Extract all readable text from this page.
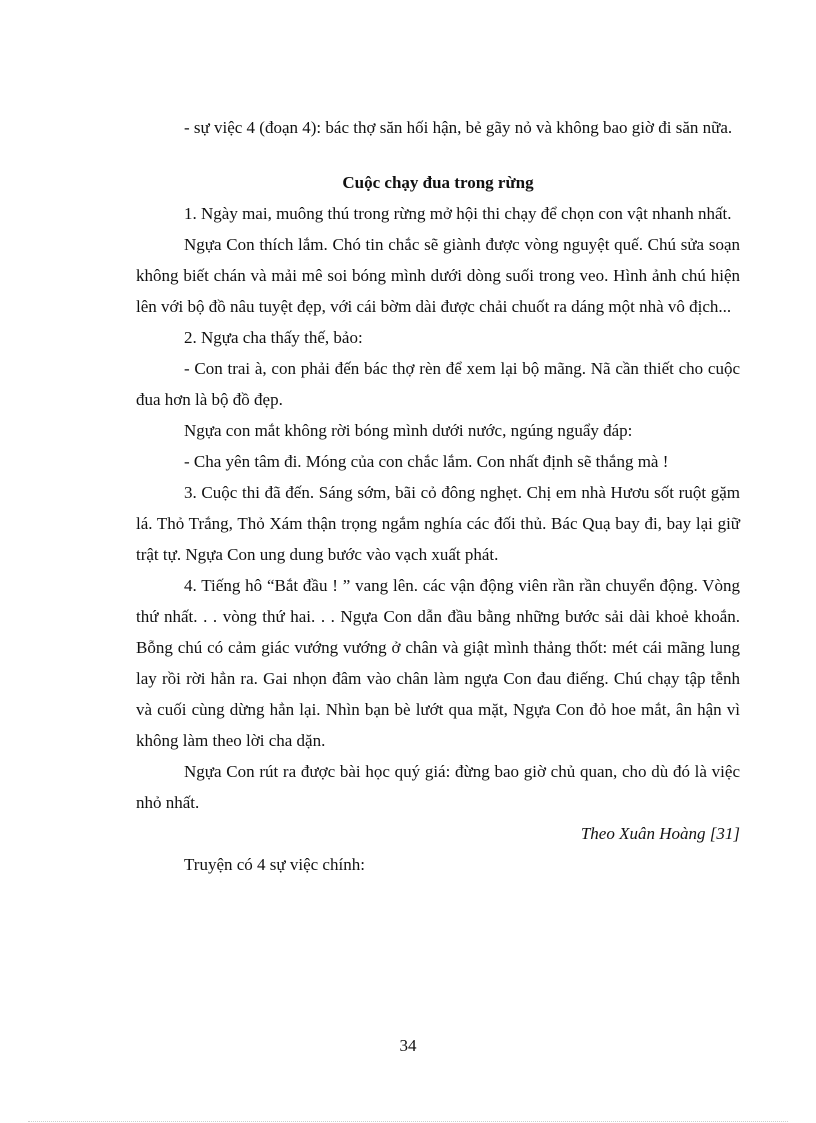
- sự việc 4 (đoạn 4): bác thợ săn hối hận, bẻ gãy nỏ và không bao giờ đi săn nữa.

Cuộc chạy đua trong rừng

1. Ngày mai, muông thú trong rừng mở hội thi chạy để chọn con vật nhanh nhất.

Ngựa Con thích lắm. Chó tin chắc sẽ giành được vòng nguyệt quế. Chú sửa soạn không biết chán và mải mê soi bóng mình dưới dòng suối trong veo. Hình ảnh chú hiện lên với bộ đồ nâu tuyệt đẹp, với cái bờm dài được chải chuốt ra dáng một nhà vô địch...

2. Ngựa cha thấy thế, bảo:

- Con trai à, con phải đến bác thợ rèn để xem lại bộ mãng. Nã cần thiết cho cuộc đua hơn là bộ đồ đẹp.

Ngựa con mắt không rời bóng mình dưới nước, ngúng nguẩy đáp:

- Cha yên tâm đi. Móng của con chắc lắm. Con nhất định sẽ thắng mà !

3. Cuộc thi đã đến. Sáng sớm, bãi cỏ đông nghẹt. Chị em nhà Hươu sốt ruột gặm lá. Thỏ Trắng, Thỏ Xám thận trọng ngắm nghía các đối thủ. Bác Quạ bay đi, bay lại giữ trật tự. Ngựa Con ung dung bước vào vạch xuất phát.

4. Tiếng hô “Bắt đầu ! ” vang lên. các vận động viên rần rần chuyển động. Vòng thứ nhất. . . vòng thứ hai. . . Ngựa Con dẫn đầu bằng những bước sải dài khoẻ khoắn. Bỗng chú có cảm giác vướng vướng ở chân và giật mình thảng thốt: mét cái mãng lung lay rồi rời hẳn ra. Gai nhọn đâm vào chân làm ngựa Con đau điếng. Chú chạy tập tễnh và cuối cùng dừng hẳn lại. Nhìn bạn bè lướt qua mặt, Ngựa Con đỏ hoe mắt, ân hận vì không làm theo lời cha dặn.

Ngựa Con rút ra được bài học quý giá: đừng bao giờ chủ quan, cho dù đó là việc nhỏ nhất.

Theo Xuân Hoàng [31]

Truyện có 4 sự việc chính:

34
